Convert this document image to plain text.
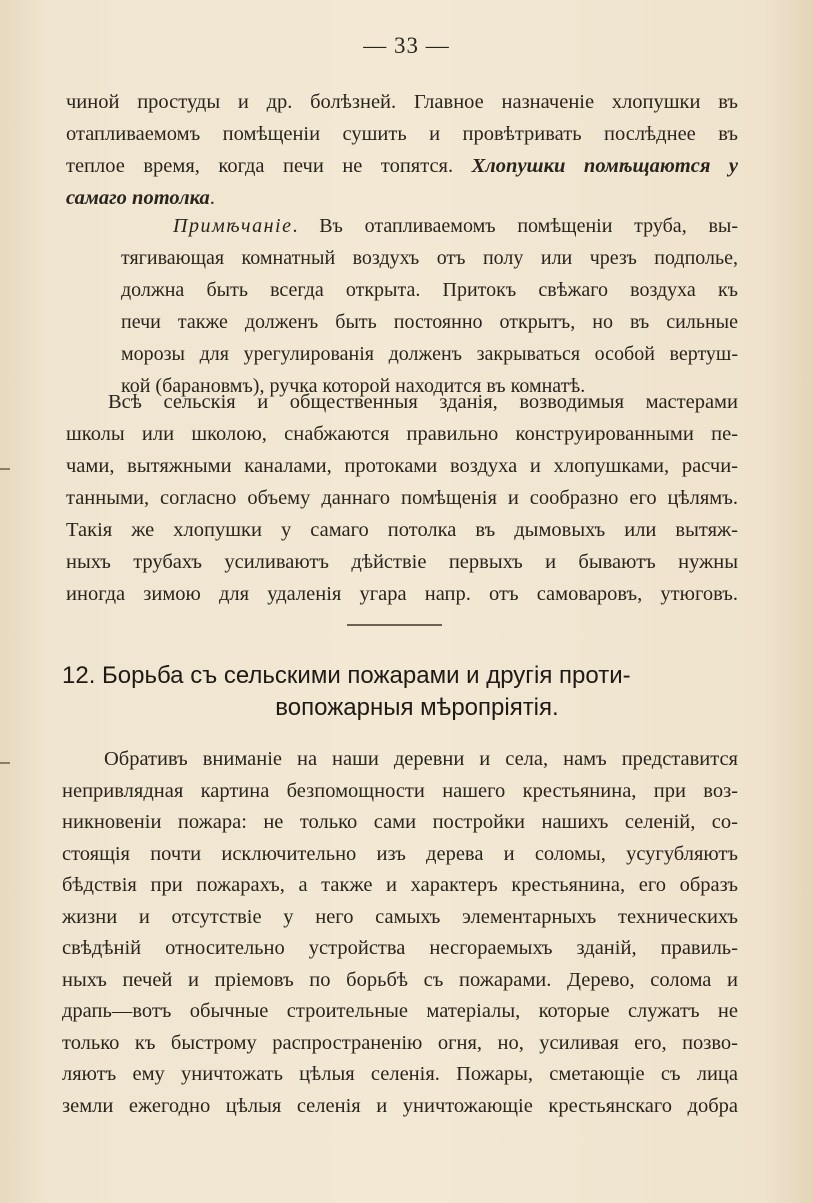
— 33 —
чиной простуды и др. болѣзней. Главное назначенiе хлопушки въ
отапливаемомъ помѣщенiи сушить и провѣтривать послѣднее въ
теплое время, когда печи не топятся. Хлопушки помѣщаются у
самаго потолка.
Примѣчанiе. Въ отапливаемомъ помѣщенiи труба, вы-
тягивающая комнатный воздухъ отъ полу или чрезъ подполье,
должна быть всегда открыта. Притокъ свѣжаго воздуха къ
печи также долженъ быть постоянно открытъ, но въ сильные
морозы для урегулированiя долженъ закрываться особой вертуш-
кой (барановмъ), ручка которой находится въ комнатѣ.
Всѣ сельскiя и общественныя зданiя, возводимыя мастерами
школы или школою, снабжаются правильно конструированными пе-
чами, вытяжными каналами, протоками воздуха и хлопушками, расчи-
танными, согласно объему даннаго помѣщенiя и сообразно его цѣлямъ.
Такiя же хлопушки у самаго потолка въ дымовыхъ или вытяж-
ныхъ трубахъ усиливаютъ дѣйствiе первыхъ и бываютъ нужны
иногда зимою для удаленiя угара напр. отъ самоваровъ, утюговъ.
12. Борьба съ сельскими пожарами и другiя проти-
вопожарныя мѣропрiятiя.
Обративъ вниманiе на наши деревни и села, намъ представится
непривлядная картина безпомощности нашего крестьянина, при воз-
никновенiи пожара: не только сами постройки нашихъ селенiй, со-
стоящiя почти исключительно изъ дерева и соломы, усугубляютъ
бѣдствiя при пожарахъ, а также и характеръ крестьянина, его образъ
жизни и отсутствiе у него самыхъ элементарныхъ техническихъ
свѣдѣнiй относительно устройства несгораемыхъ зданiй, правиль-
ныхъ печей и прiемовъ по борьбѣ съ пожарами. Дерево, солома и
драпь—вотъ обычные строительные матерiалы, которые служатъ не
только къ быстрому распространенiю огня, но, усиливая его, позво-
ляютъ ему уничтожать цѣлыя селенiя. Пожары, сметающiе съ лица
земли ежегодно цѣлыя селенiя и уничтожающiе крестьянскаго добра
